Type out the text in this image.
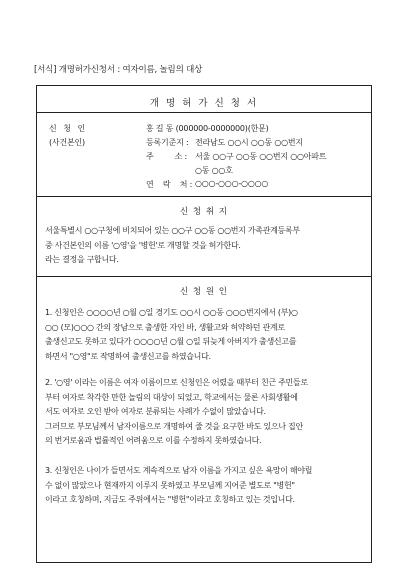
[서식] 개명허가신청서 : 여자이름, 놀림의 대상
개 명 허 가 신 청 서
신 청 인	홍 길 동 (000000-0000000)(한문)
(사건본인)	등록기준지 : 전라남도 ○○시 ○○동 ○○번지
주         소 : 서울 ○○구 ○○동 ○○번지 ○○아파트
○동 ○○호
연    락    처 : ○○○-○○○-○○○○
신 청 취 지
서울특별시 ○○구청에 비치되어 있는 ○○구 ○○동 ○○번지 가족관계등록부
중 사건본인의 이름 '○영'을 '병헌'로 개명할 것을 허가한다.
라는 결정을 구합니다.
신 청 원 인
1. 신청인은 ○○○○년 ○월 ○일 경기도 ○○시 ○○동 ○○○번지에서 (부)○
○○ (모)○○○ 간의 장남으로 출생한 자인 바, 생활고와 허약하던 관계로
출생신고도 못하고 있다가 ○○○○년 ○월 ○일 뒤늦게 아버지가 출생신고를
하면서 "○영"로 작명하여 출생신고를 하였습니다.
2. '○영' 이라는 이름은 여자 이름이므로 신청인은 어렸을 때부터 친근 주민들로
부터 여자로 착각한 만한 놀림의 대상이 되었고, 학교에서는 물론 사회생활에
서도 여자로 오인 받아 여자로 분류되는 사례가 수없이 많았습니다.
그러므로 부모님께서 남자이름으로 개명하여 줄 것을 요구한 바도 있으나 집안
의 번거로움과 법률적인 어려움으로 이를 수정하지 못하였습니다.
3. 신청인은 나이가 들면서도 계속적으로 남자 이름을 가지고 싶은 욕망이 해야릴
수 없이 많았으나 현재까지 이루지 못하였고 부모님께 지어준 별도로 "병헌"
이라고 호칭하며, 지금도 주위에서는 "병헌"이라고 호칭하고 있는 것입니다.
